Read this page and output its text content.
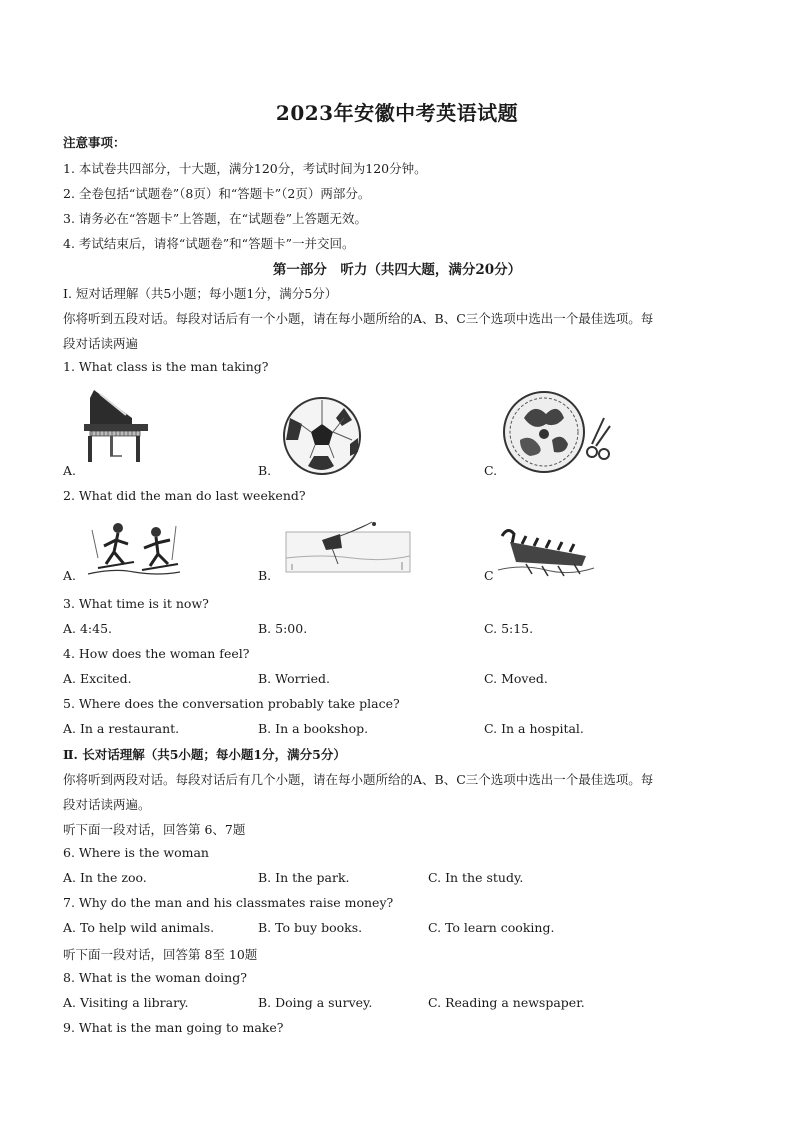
2023年安徽中考英语试题
注意事项：
1. 本试卷共四部分，十大题，满分120分，考试时间为120分钟。
2. 全卷包括“试题卷”（8页）和“答题卡”（2页）两部分。
3. 请务必在“答题卡”上答题，在“试题卷”上答题无效。
4. 考试结束后，请将“试题卷”和“答题卡”一并交回。
第一部分　听力（共四大题，满分20分）
Ⅰ. 短对话理解（共5小题；每小题1分，满分5分）
你将听到五段对话。每段对话后有一个小题，请在每小题所给的A、B、C三个选项中选出一个最佳选项。每
段对话读两遍
1. What class is the man taking?
A.	B.	C.
2. What did the man do last weekend?
A.	B.	C
3. What time is it now?
A. 4:45.	B. 5:00.	C. 5:15.
4. How does the woman feel?
A. Excited.	B. Worried.	C. Moved.
5. Where does the conversation probably take place?
A. In a restaurant.	B. In a bookshop.	C. In a hospital.
Ⅱ. 长对话理解（共5小题；每小题1分，满分5分）
你将听到两段对话。每段对话后有几个小题，请在每小题所给的A、B、C三个选项中选出一个最佳选项。每
段对话读两遍。
听下面一段对话，回答第 6、7题
6. Where is the woman
A. In the zoo.	B. In the park.	C. In the study.
7. Why do the man and his classmates raise money?
A. To help wild animals.	B. To buy books.	C. To learn cooking.
听下面一段对话，回答第 8至 10题
8. What is the woman doing?
A. Visiting a library.	B. Doing a survey.	C. Reading a newspaper.
9. What is the man going to make?
